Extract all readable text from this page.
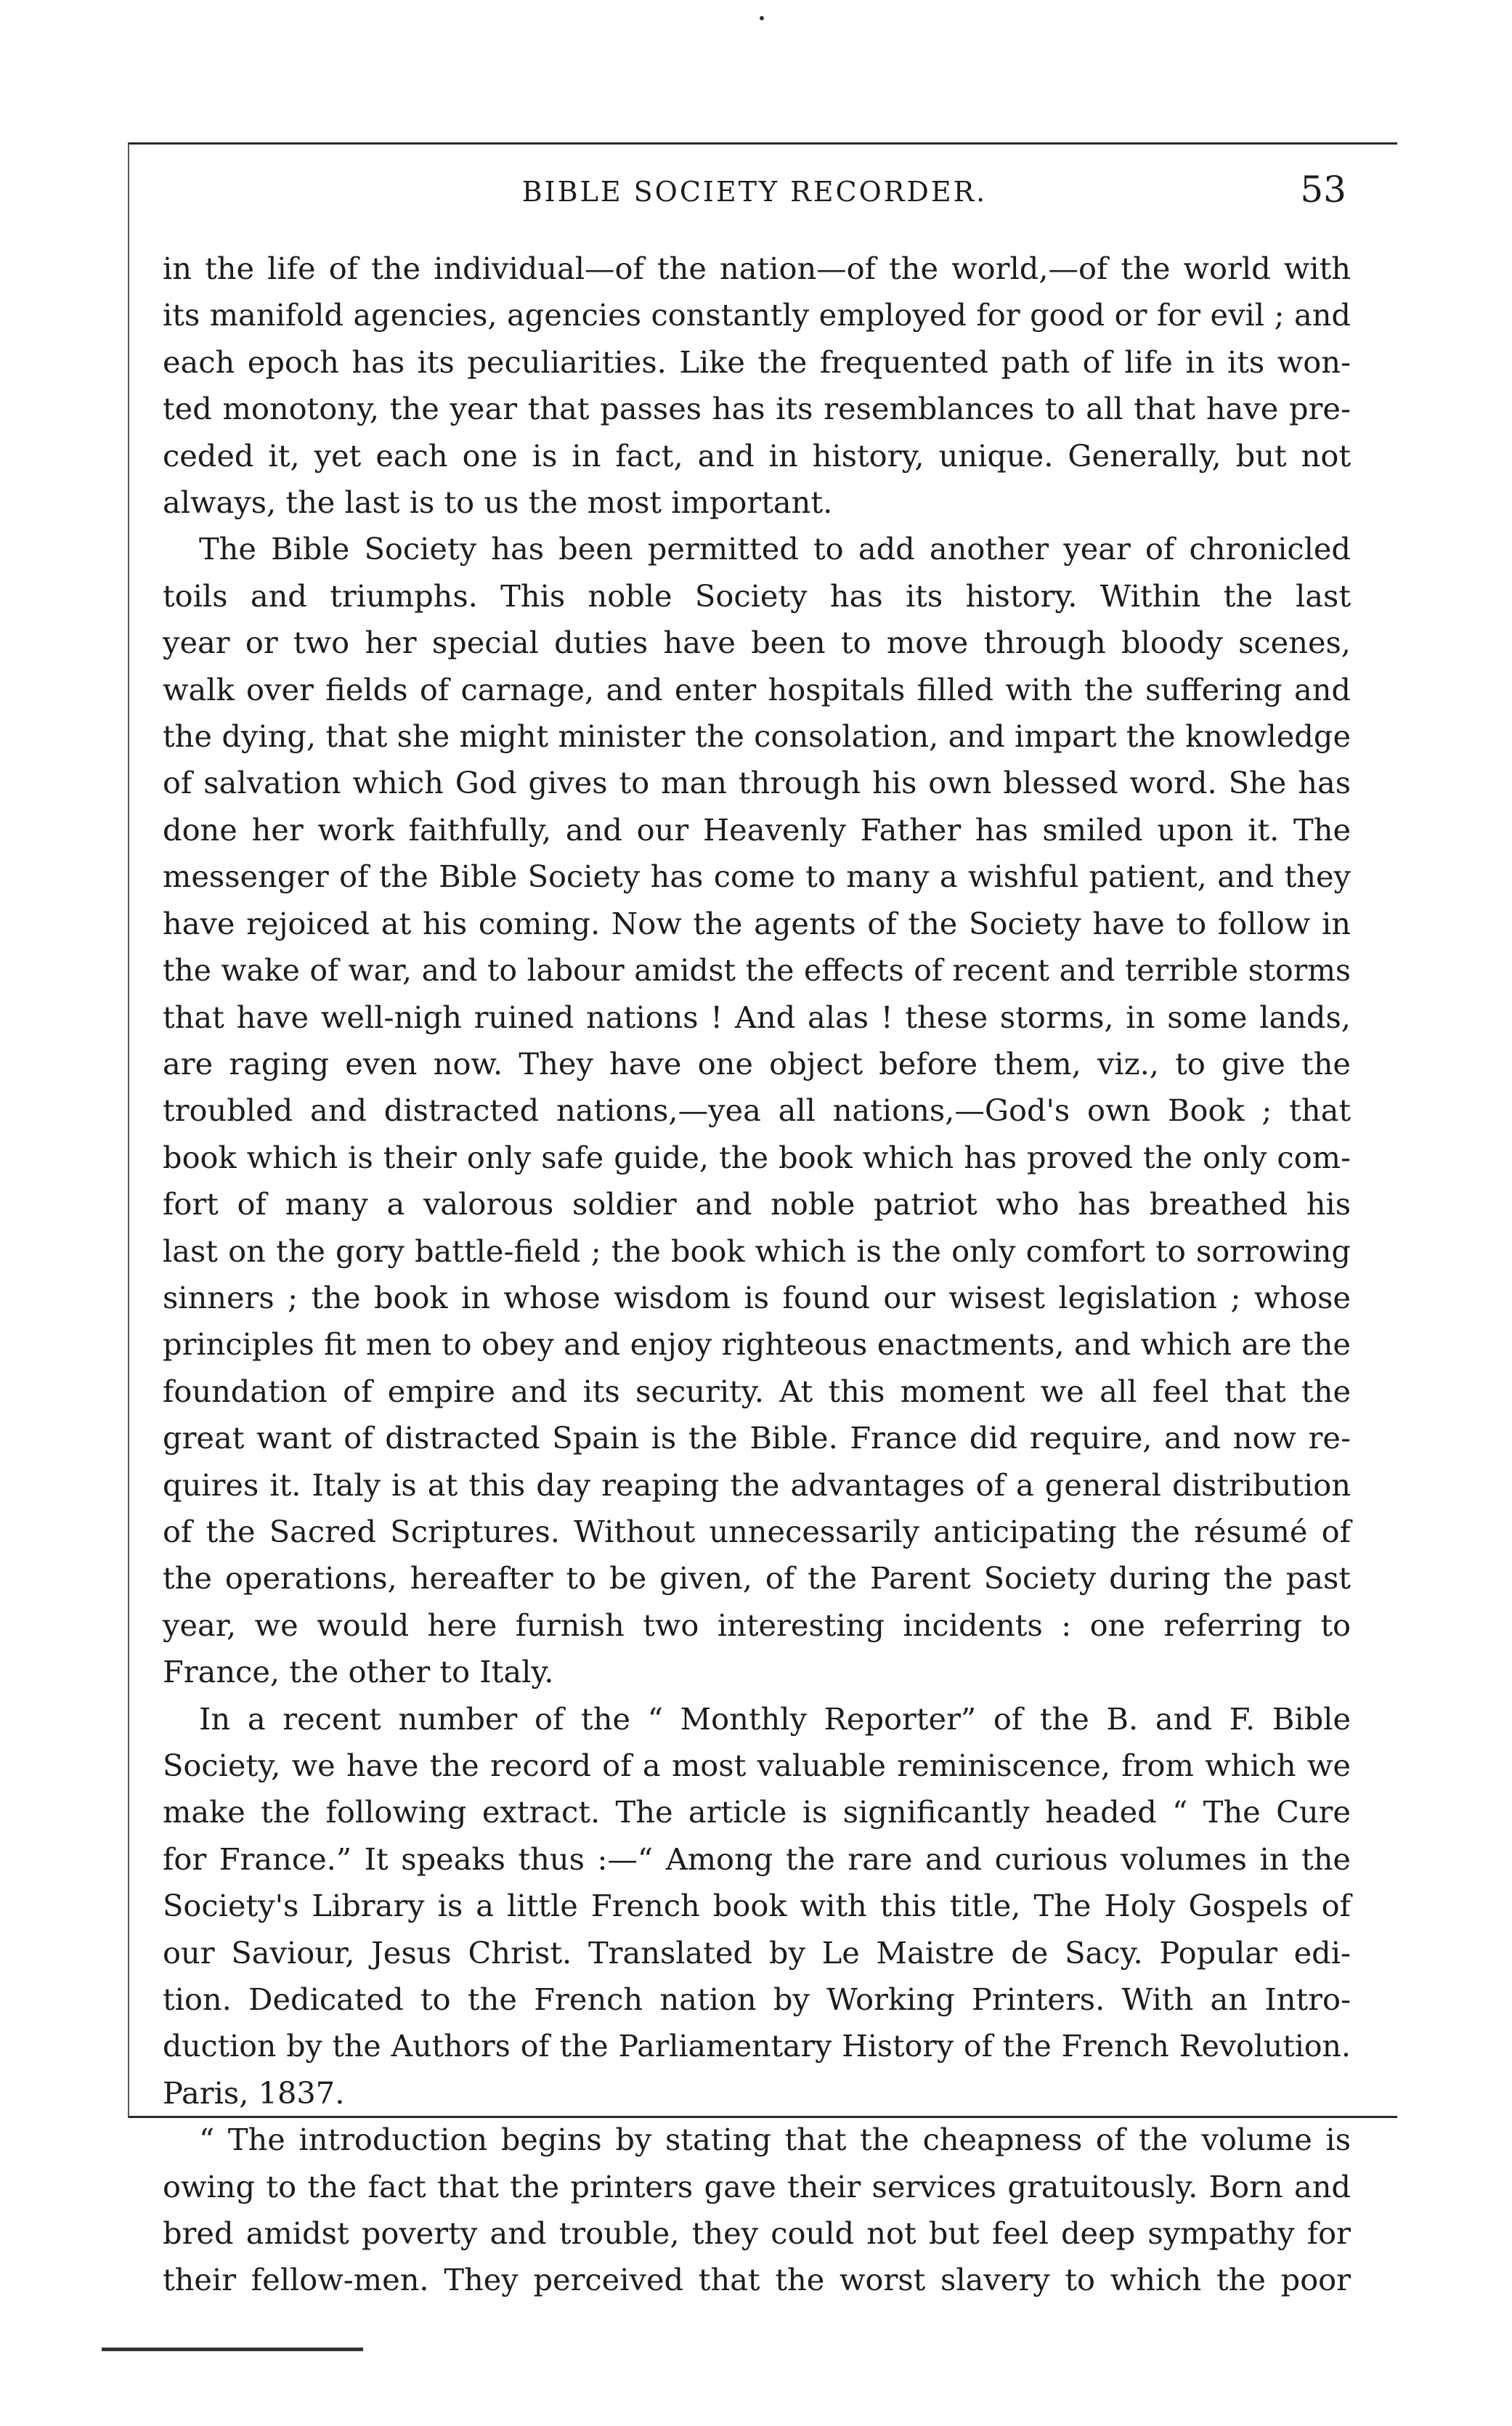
BIBLE SOCIETY RECORDER.	53
in the life of the individual—of the nation—of the world,—of the world with
its manifold agencies, agencies constantly employed for good or for evil ; and
each epoch has its peculiarities. Like the frequented path of life in its won-
ted monotony, the year that passes has its resemblances to all that have pre-
ceded it, yet each one is in fact, and in history, unique. Generally, but not
always, the last is to us the most important.
The Bible Society has been permitted to add another year of chronicled
toils and triumphs. This noble Society has its history. Within the last
year or two her special duties have been to move through bloody scenes,
walk over fields of carnage, and enter hospitals filled with the suffering and
the dying, that she might minister the consolation, and impart the knowledge
of salvation which God gives to man through his own blessed word. She has
done her work faithfully, and our Heavenly Father has smiled upon it. The
messenger of the Bible Society has come to many a wishful patient, and they
have rejoiced at his coming. Now the agents of the Society have to follow in
the wake of war, and to labour amidst the effects of recent and terrible storms
that have well-nigh ruined nations ! And alas ! these storms, in some lands,
are raging even now. They have one object before them, viz., to give the
troubled and distracted nations,—yea all nations,—God's own Book ; that
book which is their only safe guide, the book which has proved the only com-
fort of many a valorous soldier and noble patriot who has breathed his
last on the gory battle-field ; the book which is the only comfort to sorrowing
sinners ; the book in whose wisdom is found our wisest legislation ; whose
principles fit men to obey and enjoy righteous enactments, and which are the
foundation of empire and its security. At this moment we all feel that the
great want of distracted Spain is the Bible. France did require, and now re-
quires it. Italy is at this day reaping the advantages of a general distribution
of the Sacred Scriptures. Without unnecessarily anticipating the résumé of
the operations, hereafter to be given, of the Parent Society during the past
year, we would here furnish two interesting incidents : one referring to
France, the other to Italy.
In a recent number of the “ Monthly Reporter” of the B. and F. Bible
Society, we have the record of a most valuable reminiscence, from which we
make the following extract. The article is significantly headed “ The Cure
for France.” It speaks thus :—“ Among the rare and curious volumes in the
Society's Library is a little French book with this title, The Holy Gospels of
our Saviour, Jesus Christ. Translated by Le Maistre de Sacy. Popular edi-
tion. Dedicated to the French nation by Working Printers. With an Intro-
duction by the Authors of the Parliamentary History of the French Revolution.
Paris, 1837.
“ The introduction begins by stating that the cheapness of the volume is
owing to the fact that the printers gave their services gratuitously. Born and
bred amidst poverty and trouble, they could not but feel deep sympathy for
their fellow-men. They perceived that the worst slavery to which the poor
